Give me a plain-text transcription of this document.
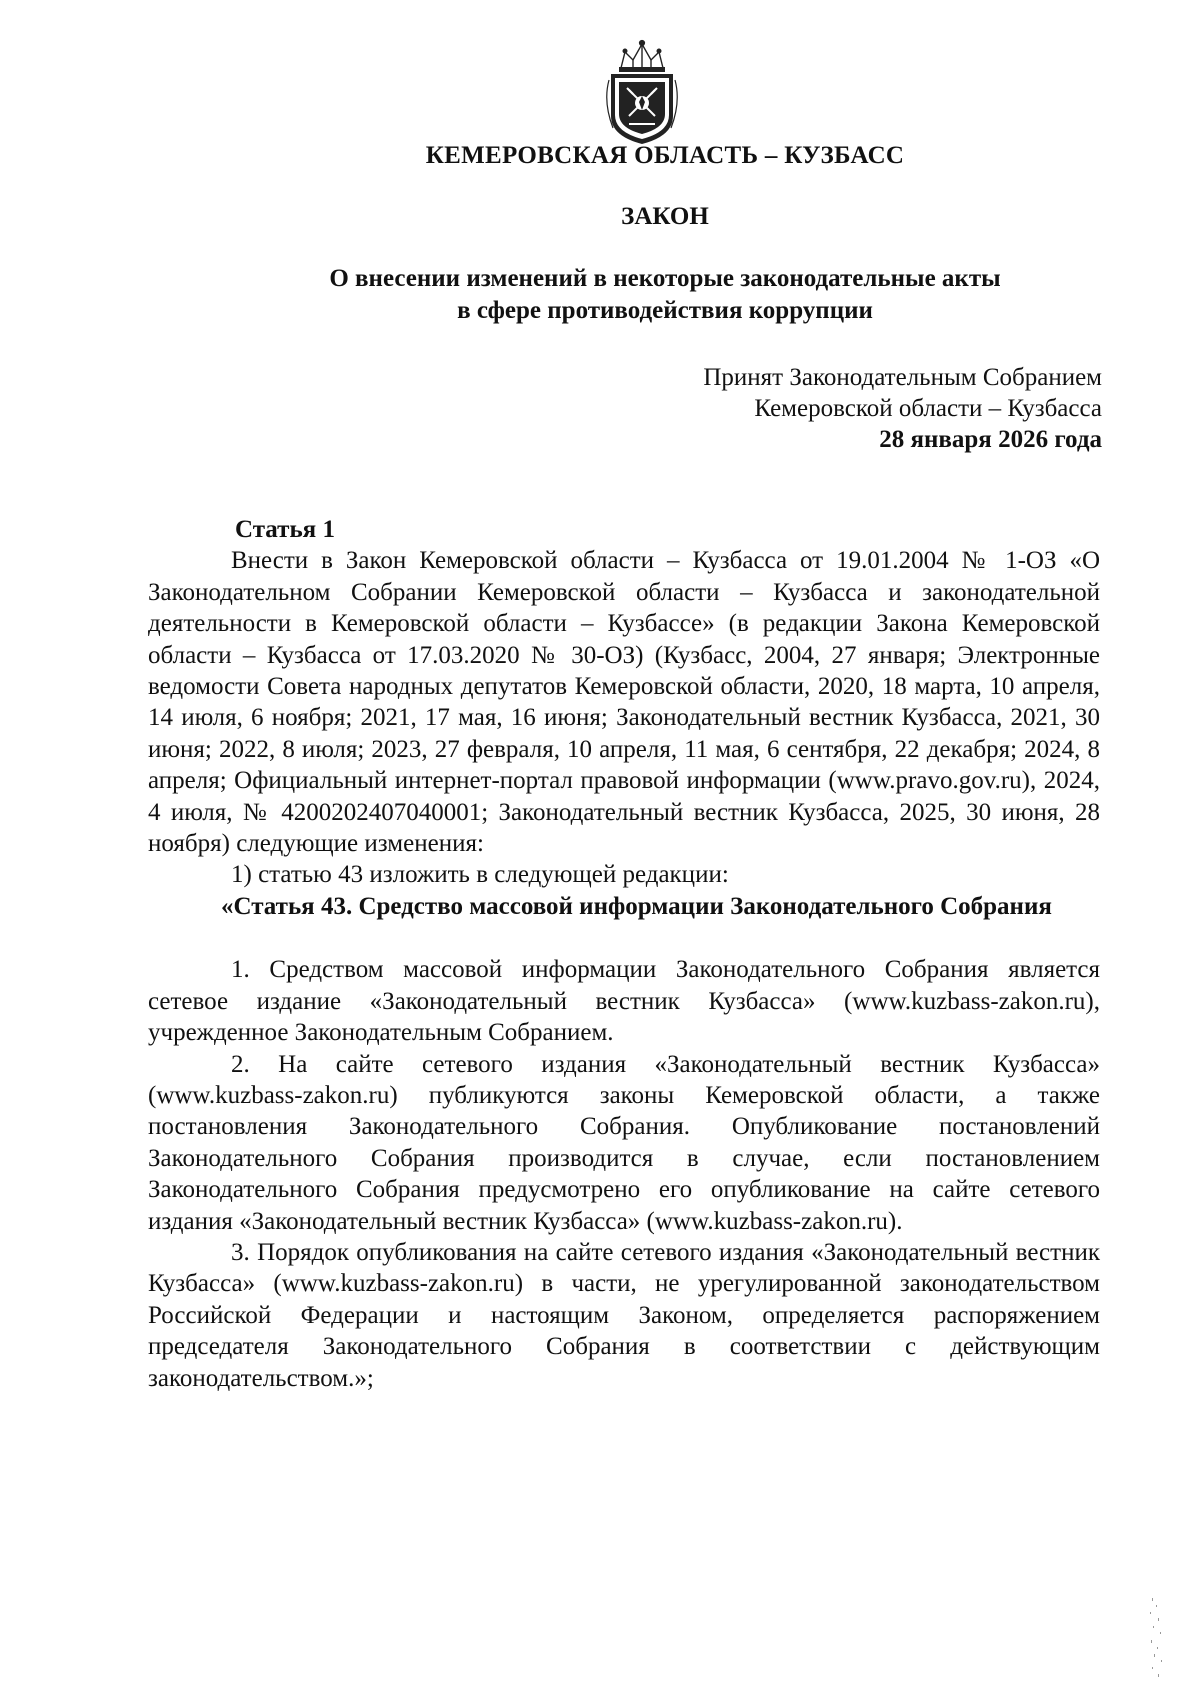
КЕМЕРОВСКАЯ ОБЛАСТЬ – КУЗБАСС
ЗАКОН
О внесении изменений в некоторые законодательные акты
в сфере противодействия коррупции
Принят Законодательным Собранием
Кемеровской области – Кузбасса
28 января 2026 года

Статья 1

Внести в Закон Кемеровской области – Кузбасса от 19.01.2004 № 1-ОЗ «О Законодательном Собрании Кемеровской области – Кузбасса и законодательной деятельности в Кемеровской области – Кузбассе» (в редакции Закона Кемеровской области – Кузбасса от 17.03.2020 № 30-ОЗ) (Кузбасс, 2004, 27 января; Электронные ведомости Совета народных депутатов Кемеровской области, 2020, 18 марта, 10 апреля, 14 июля, 6 ноября; 2021, 17 мая, 16 июня; Законодательный вестник Кузбасса, 2021, 30 июня; 2022, 8 июля; 2023, 27 февраля, 10 апреля, 11 мая, 6 сентября, 22 декабря; 2024, 8 апреля; Официальный интернет-портал правовой информации (www.pravo.gov.ru), 2024, 4 июля, № 4200202407040001; Законодательный вестник Кузбасса, 2025, 30 июня, 28 ноября) следующие изменения:

1) статью 43 изложить в следующей редакции:

«Статья 43. Средство массовой информации Законодательного Собрания

1. Средством массовой информации Законодательного Собрания является сетевое издание «Законодательный вестник Кузбасса» (www.kuzbass-zakon.ru), учрежденное Законодательным Собранием.

2. На сайте сетевого издания «Законодательный вестник Кузбасса» (www.kuzbass-zakon.ru) публикуются законы Кемеровской области, а также постановления Законодательного Собрания. Опубликование постановлений Законодательного Собрания производится в случае, если постановлением Законодательного Собрания предусмотрено его опубликование на сайте сетевого издания «Законодательный вестник Кузбасса» (www.kuzbass-zakon.ru).

3. Порядок опубликования на сайте сетевого издания «Законодательный вестник Кузбасса» (www.kuzbass-zakon.ru) в части, не урегулированной законодательством Российской Федерации и настоящим Законом, определяется распоряжением председателя Законодательного Собрания в соответствии с действующим законодательством.»;
